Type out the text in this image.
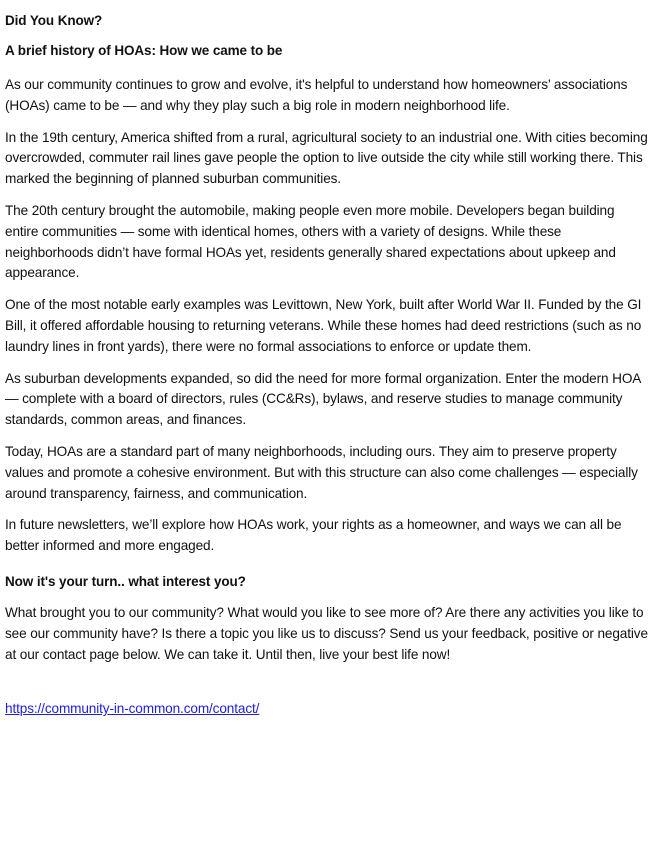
Did You Know?
A brief history of HOAs: How we came to be

As our community continues to grow and evolve, it's helpful to understand how homeowners’ associations (HOAs) came to be — and why they play such a big role in modern neighborhood life.

In the 19th century, America shifted from a rural, agricultural society to an industrial one. With cities becoming overcrowded, commuter rail lines gave people the option to live outside the city while still working there. This marked the beginning of planned suburban communities.

The 20th century brought the automobile, making people even more mobile. Developers began building entire communities — some with identical homes, others with a variety of designs. While these neighborhoods didn’t have formal HOAs yet, residents generally shared expectations about upkeep and appearance.

One of the most notable early examples was Levittown, New York, built after World War II. Funded by the GI Bill, it offered affordable housing to returning veterans. While these homes had deed restrictions (such as no laundry lines in front yards), there were no formal associations to enforce or update them.

As suburban developments expanded, so did the need for more formal organization. Enter the modern HOA — complete with a board of directors, rules (CC&Rs), bylaws, and reserve studies to manage community standards, common areas, and finances.

Today, HOAs are a standard part of many neighborhoods, including ours. They aim to preserve property values and promote a cohesive environment. But with this structure can also come challenges — especially around transparency, fairness, and communication.

In future newsletters, we’ll explore how HOAs work, your rights as a homeowner, and ways we can all be better informed and more engaged.

Now it's your turn.. what interest you?

What brought you to our community? What would you like to see more of? Are there any activities you like to see our community have? Is there a topic you like us to discuss? Send us your feedback, positive or negative at our contact page below. We can take it. Until then, live your best life now!

https://community-in-common.com/contact/
